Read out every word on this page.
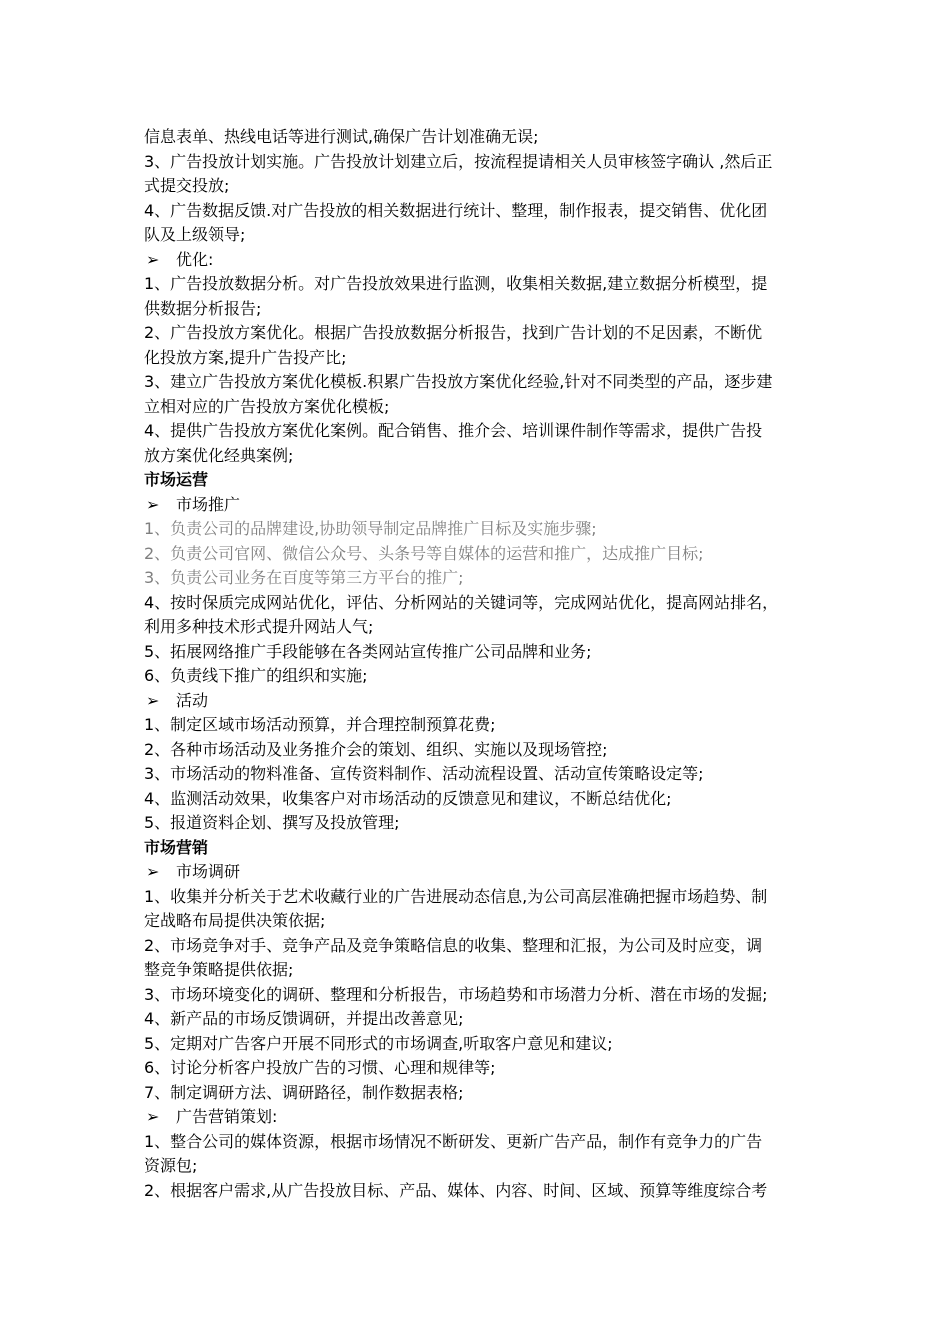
信息表单、热线电话等进行测试,确保广告计划准确无误;
3、广告投放计划实施。广告投放计划建立后，按流程提请相关人员审核签字确认 ,然后正
式提交投放;
4、广告数据反馈.对广告投放的相关数据进行统计、整理，制作报表，提交销售、优化团
队及上级领导;
➢ 优化:
1、广告投放数据分析。对广告投放效果进行监测，收集相关数据,建立数据分析模型，提
供数据分析报告;
2、广告投放方案优化。根据广告投放数据分析报告，找到广告计划的不足因素，不断优
化投放方案,提升广告投产比;
3、建立广告投放方案优化模板.积累广告投放方案优化经验,针对不同类型的产品，逐步建
立相对应的广告投放方案优化模板;
4、提供广告投放方案优化案例。配合销售、推介会、培训课件制作等需求，提供广告投
放方案优化经典案例;
市场运营
➢ 市场推广
1、负责公司的品牌建设,协助领导制定品牌推广目标及实施步骤;
2、负责公司官网、微信公众号、头条号等自媒体的运营和推广，达成推广目标;
3、负责公司业务在百度等第三方平台的推广;
4、按时保质完成网站优化，评估、分析网站的关键词等，完成网站优化，提高网站排名，
利用多种技术形式提升网站人气;
5、拓展网络推广手段能够在各类网站宣传推广公司品牌和业务;
6、负责线下推广的组织和实施;
➢ 活动
1、制定区域市场活动预算，并合理控制预算花费;
2、各种市场活动及业务推介会的策划、组织、实施以及现场管控;
3、市场活动的物料准备、宣传资料制作、活动流程设置、活动宣传策略设定等;
4、监测活动效果，收集客户对市场活动的反馈意见和建议，不断总结优化;
5、报道资料企划、撰写及投放管理;
市场营销
➢ 市场调研
1、收集并分析关于艺术收藏行业的广告进展动态信息,为公司高层准确把握市场趋势、制
定战略布局提供决策依据;
2、市场竞争对手、竞争产品及竞争策略信息的收集、整理和汇报，为公司及时应变，调
整竞争策略提供依据;
3、市场环境变化的调研、整理和分析报告，市场趋势和市场潜力分析、潜在市场的发掘;
4、新产品的市场反馈调研，并提出改善意见;
5、定期对广告客户开展不同形式的市场调查,听取客户意见和建议;
6、讨论分析客户投放广告的习惯、心理和规律等;
7、制定调研方法、调研路径，制作数据表格;
➢ 广告营销策划:
1、整合公司的媒体资源，根据市场情况不断研发、更新广告产品，制作有竞争力的广告
资源包;
2、根据客户需求,从广告投放目标、产品、媒体、内容、时间、区域、预算等维度综合考
